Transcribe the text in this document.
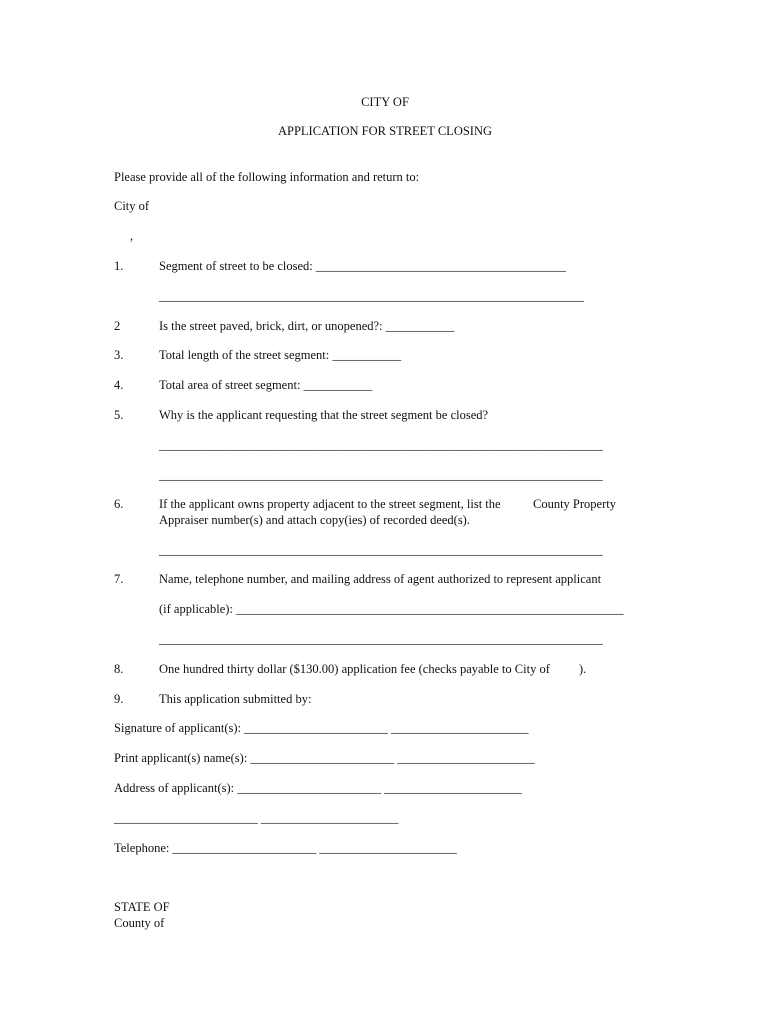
CITY OF
APPLICATION FOR STREET CLOSING
Please provide all of the following information and return to:
City of
,
1.	Segment of street to be closed: ________________________________________
____________________________________________________________________
2	Is the street paved, brick, dirt, or unopened?: ___________
3.	Total length of the street segment: ___________
4.	Total area of street segment: ___________
5.	Why is the applicant requesting that the street segment be closed?
_______________________________________________________________________
_______________________________________________________________________
6.	If the applicant owns property adjacent to the street segment, list the	County Property
Appraiser number(s) and attach copy(ies) of recorded deed(s).
_______________________________________________________________________
7.	Name, telephone number, and mailing address of agent authorized to represent applicant
(if applicable): ______________________________________________________________
_______________________________________________________________________
8.	One hundred thirty dollar ($130.00) application fee (checks payable to City of ).
9.	This application submitted by:
Signature of applicant(s): _______________________ ______________________
Print applicant(s) name(s): _______________________ ______________________
Address of applicant(s): _______________________ ______________________
_______________________ ______________________
Telephone: _______________________ ______________________
STATE OF
County of
